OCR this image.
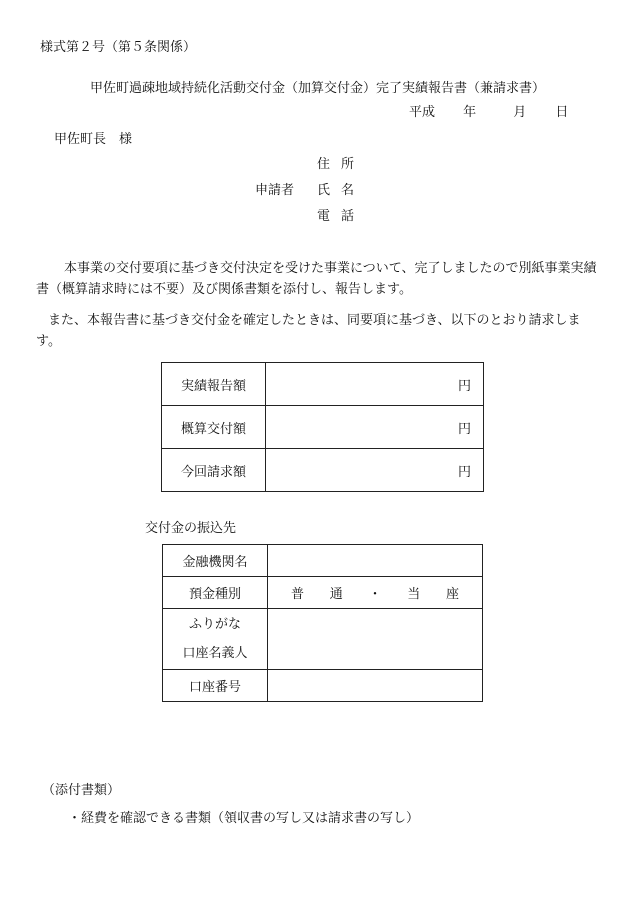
様式第２号（第５条関係）
甲佐町過疎地域持続化活動交付金（加算交付金）完了実績報告書（兼請求書）
平成 年	月 日
甲佐町長　様
申請者
住 所
氏 名
電 話
本事業の交付要項に基づき交付決定を受けた事業について、完了しましたので別紙事業実績書（概算請求時には不要）及び関係書類を添付し、報告します。
また、本報告書に基づき交付金を確定したときは、同要項に基づき、以下のとおり請求します。
実績報告額	円
概算交付額	円
今回請求額	円
交付金の振込先
金融機関名	
預金種別	普 通 ・ 当 座

ふりがな
口座名義人	

口座番号	
（添付書類）
・経費を確認できる書類（領収書の写し又は請求書の写し）
